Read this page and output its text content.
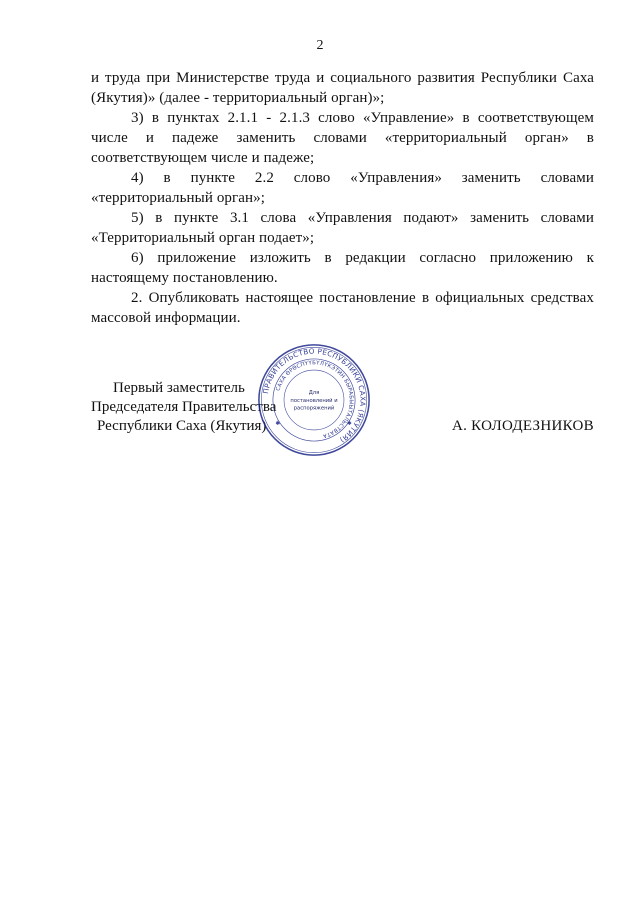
2

и труда при Министерстве труда и социального развития Республики Саха (Якутия)» (далее - территориальный орган)»;

3) в пунктах 2.1.1 - 2.1.3 слово «Управление» в соответствующем числе и падеже заменить словами «территориальный орган» в соответствующем числе и падеже;

4) в пункте 2.2 слово «Управления» заменить словами «территориальный орган»;

5) в пункте 3.1 слова «Управления подают» заменить словами «Территориальный орган подает»;

6) приложение изложить в редакции согласно приложению к настоящему постановлению.

2. Опубликовать настоящее постановление в официальных средствах массовой информации.

Первый заместитель
Председателя Правительства
Республики Саха (Якутия)	А. КОЛОДЕЗНИКОВ
ПРАВИТЕЛЬСТВО РЕСПУБЛИКИ САХА (ЯКУТИЯ)
САХА ӨРӨСПҮҮБҮЛҮКЭТИН БЫРАБЫЫТАЛЬСТВАТА
✱	✱
Для
постановлений и
распоряжений
